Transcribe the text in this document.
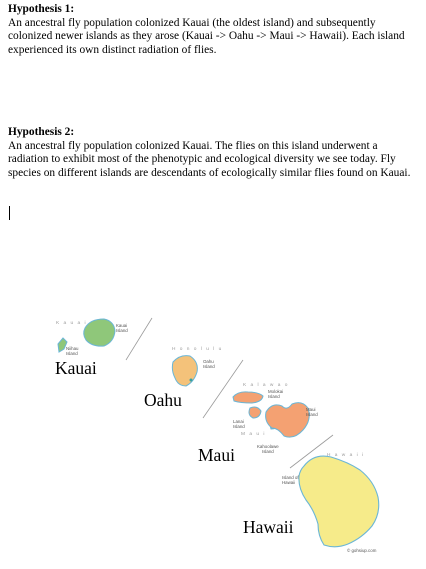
Hypothesis 1:
An ancestral fly population colonized Kauai (the oldest island) and subsequently colonized newer islands as they arose (Kauai -> Oahu -> Maui -> Hawaii). Each island experienced its own distinct radiation of flies.
Hypothesis 2:
An ancestral fly population colonized Kauai. The flies on this island underwent a radiation to exhibit most of the phenotypic and ecological diversity we see today. Fly species on different islands are descendants of ecologically similar flies found on Kauai.
K a u a i	Kauai
Island
Niihau
Island
H o n o l u l u
Oahu
Island
K a l a w a o
Molokai
Island
Maui
Island
Lanai
Island
M a u i
Kahoolawe
Island
H a w a i i
Island of
Hawaii
© gohsiup.com
Kauai
Oahu
Maui
Hawaii
